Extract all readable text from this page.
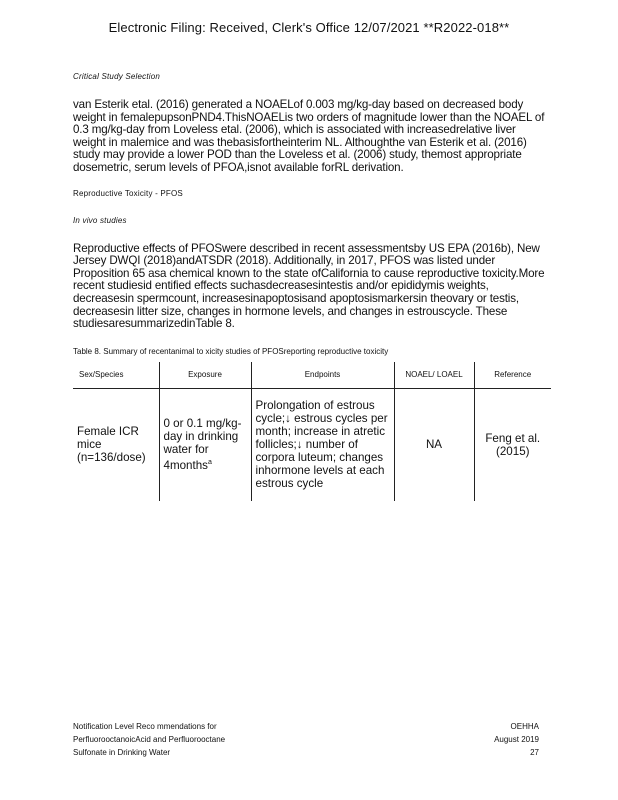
Electronic Filing: Received, Clerk's Office 12/07/2021 **R2022-018**
Critical Study Selection

van Esterik etal. (2016) generated a NOAELof 0.003 mg/kg-day based on decreased body weight in femalepupsonPND4.ThisNOAELis two orders of magnitude lower than the NOAEL of 0.3 mg/kg-day from Loveless etal. (2006), which is associated with increasedrelative liver weight in malemice and was thebasisfortheinterim NL. Althoughthe van Esterik et al. (2016) study may provide a lower POD than the Loveless et al. (2006) study, themost appropriate dosemetric, serum levels of PFOA,isnot available forRL derivation.

Reproductive Toxicity - PFOS
In vivo studies

Reproductive effects of PFOSwere described in recent assessmentsby US EPA (2016b), New Jersey DWQI (2018)andATSDR (2018). Additionally, in 2017, PFOS was listed under Proposition 65 asa chemical known to the state ofCalifornia to cause reproductive toxicity.More recent studiesid entified effects suchasdecreasesintestis and/or epididymis weights, decreasesin spermcount, increasesinapoptosisand apoptosismarkersin theovary or testis, decreasesin litter size, changes in hormone levels, and changes in estrouscycle. These studiesaresummarizedinTable 8.

Table 8. Summary of recentanimal to xicity studies of PFOSreporting reproductive toxicity
Sex/Species	Exposure	Endpoints	NOAEL/ LOAEL	Reference
Female ICR mice (n=136/dose)	0 or 0.1 mg/kg-day in drinking water for 4months$^a$	Prolongation of estrous cycle;↓ estrous cycles per month; increase in atretic follicles;↓ number of corpora luteum; changes inhormone levels at each estrous cycle	NA	Feng et al. (2015)
Notification Level Reco mmendations for	OEHHA
PerfluorooctanoicAcid and Perfluorooctane	August 2019
Sulfonate in Drinking Water	27
